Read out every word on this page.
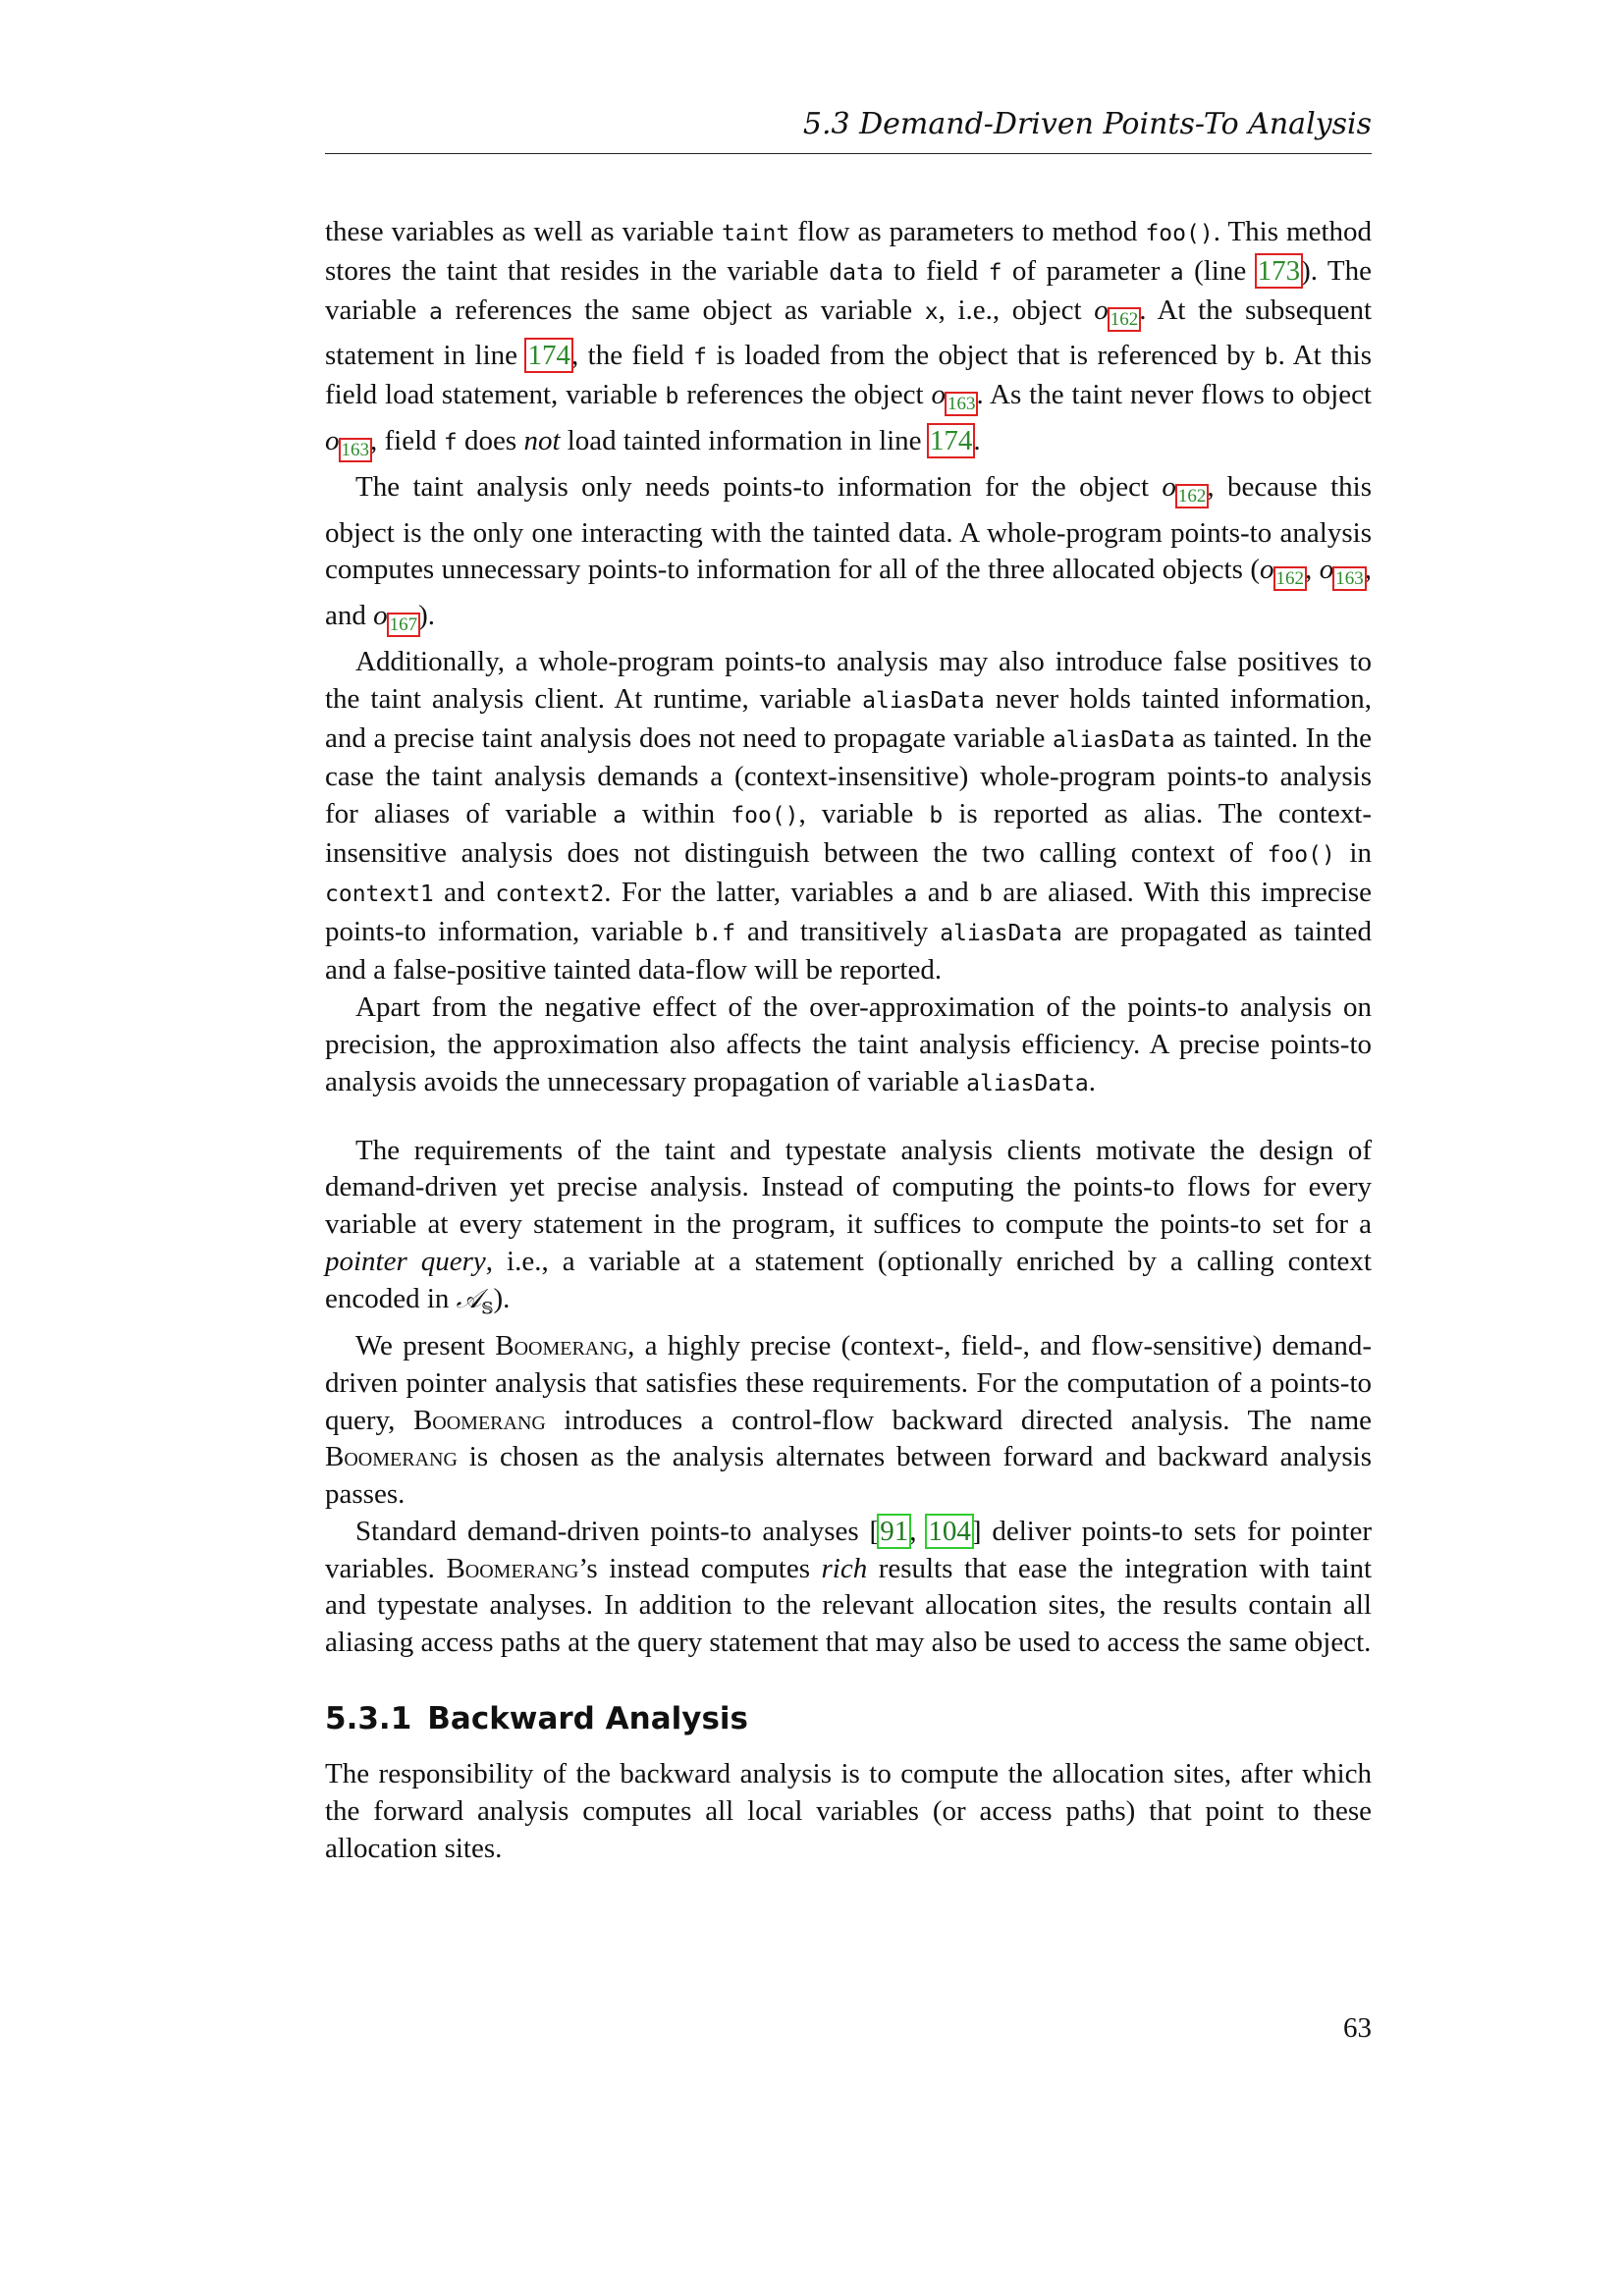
5.3 Demand-Driven Points-To Analysis

these variables as well as variable taint flow as parameters to method foo(). This method stores the taint that resides in the variable data to field f of parameter a (line 173). The variable a references the same object as variable x, i.e., object o $_{162}$. At the subsequent statement in line 174, the field f is loaded from the object that is referenced by b. At this field load statement, variable b references the object o $_{163}$. As the taint never flows to object o $_{163}$, field f does not load tainted information in line 174.

The taint analysis only needs points-to information for the object o $_{162}$, because this object is the only one interacting with the tainted data. A whole-program points-to analysis computes unnecessary points-to information for all of the three allocated objects (o $_{162}$, o $_{163}$, and o $_{167}$).

Additionally, a whole-program points-to analysis may also introduce false positives to the taint analysis client. At runtime, variable aliasData never holds tainted information, and a precise taint analysis does not need to propagate variable aliasData as tainted. In the case the taint analysis demands a (context-insensitive) whole-program points-to analysis for aliases of variable a within foo(), variable b is reported as alias. The context-insensitive analysis does not distinguish between the two calling context of foo() in context1 and context2. For the latter, variables a and b are aliased. With this imprecise points-to information, variable b.f and transitively aliasData are propagated as tainted and a false-positive tainted data-flow will be reported.

Apart from the negative effect of the over-approximation of the points-to analysis on precision, the approximation also affects the taint analysis efficiency. A precise points-to analysis avoids the unnecessary propagation of variable aliasData.

The requirements of the taint and typestate analysis clients motivate the design of demand-driven yet precise analysis. Instead of computing the points-to flows for every variable at every statement in the program, it suffices to compute the points-to set for a pointer query, i.e., a variable at a statement (optionally enriched by a calling context encoded in 𝒜$_𝕊$).

We present Boomerang, a highly precise (context-, field-, and flow-sensitive) demand-driven pointer analysis that satisfies these requirements. For the computation of a points-to query, Boomerang introduces a control-flow backward directed analysis. The name Boomerang is chosen as the analysis alternates between forward and backward analysis passes.

Standard demand-driven points-to analyses [91, 104] deliver points-to sets for pointer variables. Boomerang’s instead computes rich results that ease the integration with taint and typestate analyses. In addition to the relevant allocation sites, the results contain all aliasing access paths at the query statement that may also be used to access the same object.

5.3.1 Backward Analysis

The responsibility of the backward analysis is to compute the allocation sites, after which the forward analysis computes all local variables (or access paths) that point to these allocation sites.

63
